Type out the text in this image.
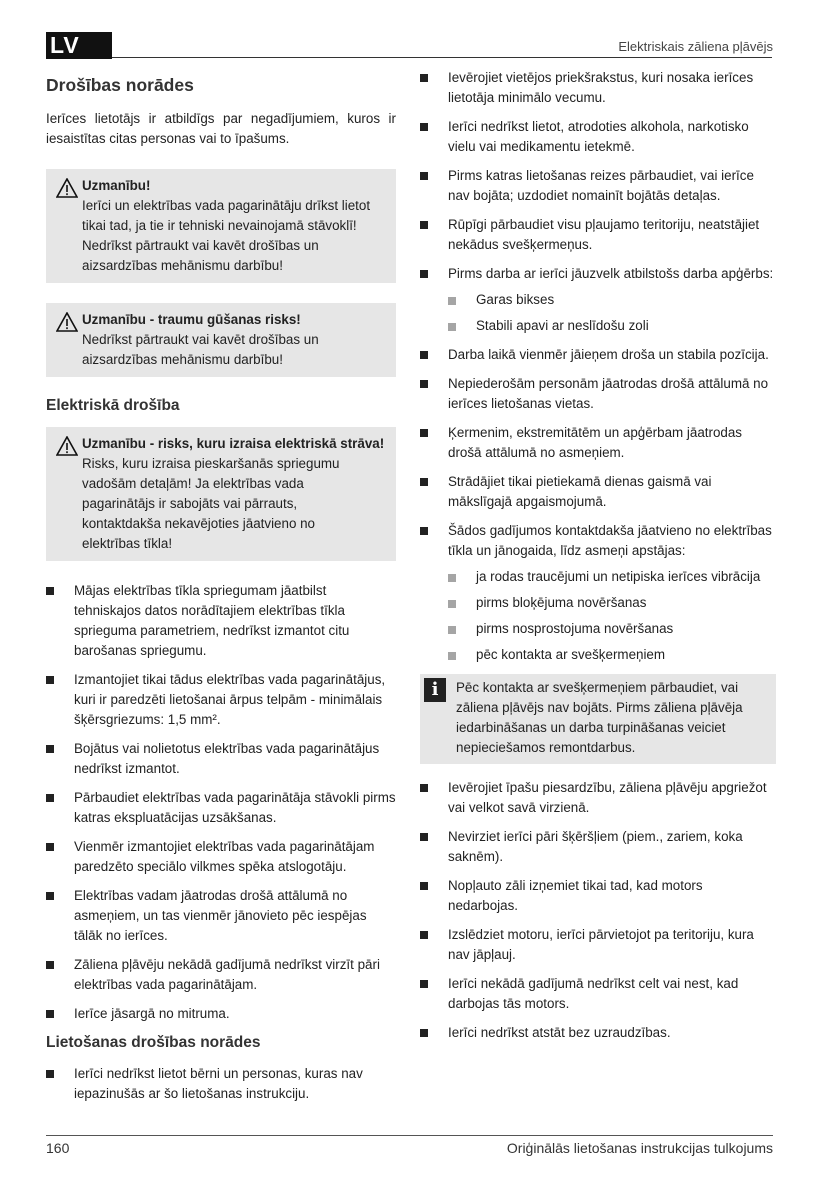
LV	Elektriskais zāliena pļāvējs
Drošības norādes

Ierīces lietotājs ir atbildīgs par negadījumiem, kuros ir iesaistītas citas personas vai to īpašums.

Uzmanību!
Ierīci un elektrības vada pagarinātāju drīkst lietot
tikai tad, ja tie ir tehniski nevainojamā stāvoklī!
Nedrīkst pārtraukt vai kavēt drošības un
aizsardzības mehānismu darbību!
Uzmanību - traumu gūšanas risks!
Nedrīkst pārtraukt vai kavēt drošības un
aizsardzības mehānismu darbību!
Elektriskā drošība
Uzmanību - risks, kuru izraisa elektriskā strāva!
Risks, kuru izraisa pieskaršanās spriegumu
vadošām detaļām! Ja elektrības vada
pagarinātājs ir sabojāts vai pārrauts,
kontaktdakša nekavējoties jāatvieno no
elektrības tīkla!
Mājas elektrības tīkla spriegumam jāatbilst tehniskajos datos norādītajiem elektrības tīkla sprieguma parametriem, nedrīkst izmantot citu barošanas spriegumu.
Izmantojiet tikai tādus elektrības vada pagarinātājus, kuri ir paredzēti lietošanai ārpus telpām - minimālais šķērsgriezums: 1,5 mm².
Bojātus vai nolietotus elektrības vada pagarinātājus nedrīkst izmantot.
Pārbaudiet elektrības vada pagarinātāja stāvokli pirms katras ekspluatācijas uzsākšanas.
Vienmēr izmantojiet elektrības vada pagarinātājam paredzēto speciālo vilkmes spēka atslogotāju.
Elektrības vadam jāatrodas drošā attālumā no asmeņiem, un tas vienmēr jānovieto pēc iespējas tālāk no ierīces.
Zāliena pļāvēju nekādā gadījumā nedrīkst virzīt pāri elektrības vada pagarinātājam.
Ierīce jāsargā no mitruma.
Lietošanas drošības norādes
Ierīci nedrīkst lietot bērni un personas, kuras nav iepazinušās ar šo lietošanas instrukciju.
Ievērojiet vietējos priekšrakstus, kuri nosaka ierīces lietotāja minimālo vecumu.
Ierīci nedrīkst lietot, atrodoties alkohola, narkotisko vielu vai medikamentu ietekmē.
Pirms katras lietošanas reizes pārbaudiet, vai ierīce nav bojāta; uzdodiet nomainīt bojātās detaļas.
Rūpīgi pārbaudiet visu pļaujamo teritoriju, neatstājiet nekādus svešķermeņus.
Pirms darba ar ierīci jāuzvelk atbilstošs darba apģērbs:
Garas bikses
Stabili apavi ar neslīdošu zoli
Darba laikā vienmēr jāieņem droša un stabila pozīcija.
Nepiederošām personām jāatrodas drošā attālumā no ierīces lietošanas vietas.
Ķermenim, ekstremitātēm un apģērbam jāatrodas drošā attālumā no asmeņiem.
Strādājiet tikai pietiekamā dienas gaismā vai mākslīgajā apgaismojumā.
Šādos gadījumos kontaktdakša jāatvieno no elektrības tīkla un jānogaida, līdz asmeņi apstājas:
ja rodas traucējumi un netipiska ierīces vibrācija
pirms bloķējuma novēršanas
pirms nosprostojuma novēršanas
pēc kontakta ar svešķermeņiem
i	Pēc kontakta ar svešķermeņiem pārbaudiet, vai
zāliena pļāvējs nav bojāts. Pirms zāliena pļāvēja
iedarbināšanas un darba turpināšanas veiciet
nepieciešamos remontdarbus.
Ievērojiet īpašu piesardzību, zāliena pļāvēju apgriežot vai velkot savā virzienā.
Nevirziet ierīci pāri šķēršļiem (piem., zariem, koka saknēm).
Nopļauto zāli izņemiet tikai tad, kad motors nedarbojas.
Izslēdziet motoru, ierīci pārvietojot pa teritoriju, kura nav jāpļauj.
Ierīci nekādā gadījumā nedrīkst celt vai nest, kad darbojas tās motors.
Ierīci nedrīkst atstāt bez uzraudzības.
160	Oriģinālās lietošanas instrukcijas tulkojums
